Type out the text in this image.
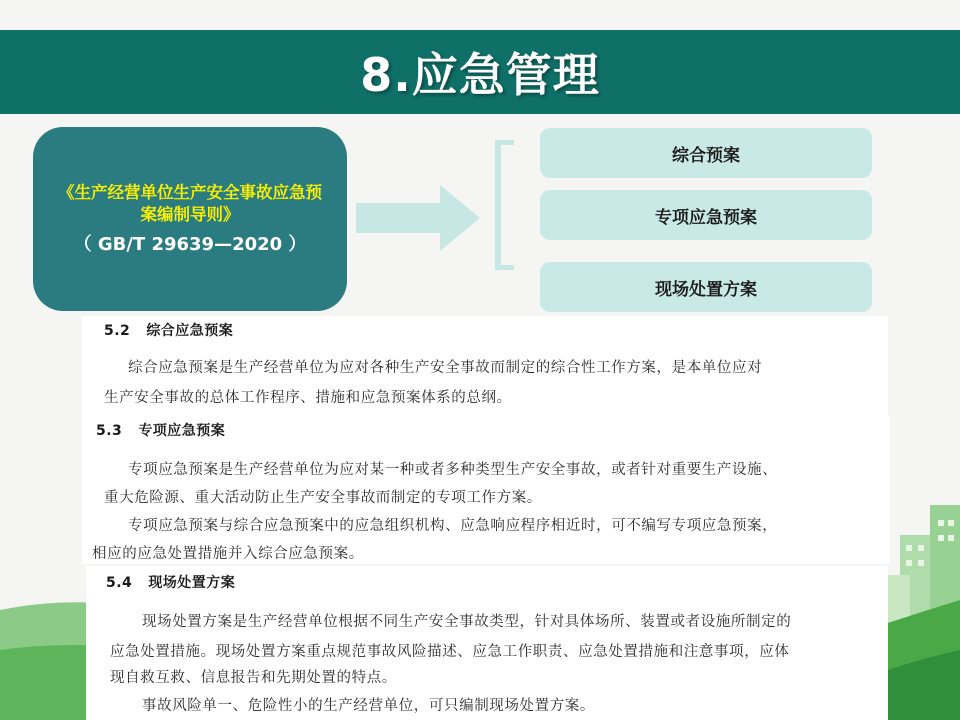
8.应急管理
《生产经营单位生产安全事故应急预案编制导则》
（ GB/T 29639—2020 ）
综合预案
专项应急预案
现场处置方案
5.2 综合应急预案
综合应急预案是生产经营单位为应对各种生产安全事故而制定的综合性工作方案，是本单位应对
生产安全事故的总体工作程序、措施和应急预案体系的总纲。
5.3 专项应急预案
专项应急预案是生产经营单位为应对某一种或者多种类型生产安全事故，或者针对重要生产设施、
重大危险源、重大活动防止生产安全事故而制定的专项工作方案。
专项应急预案与综合应急预案中的应急组织机构、应急响应程序相近时，可不编写专项应急预案，
相应的应急处置措施并入综合应急预案。
5.4 现场处置方案
现场处置方案是生产经营单位根据不同生产安全事故类型，针对具体场所、装置或者设施所制定的
应急处置措施。现场处置方案重点规范事故风险描述、应急工作职责、应急处置措施和注意事项，应体
现自救互救、信息报告和先期处置的特点。
事故风险单一、危险性小的生产经营单位，可只编制现场处置方案。
